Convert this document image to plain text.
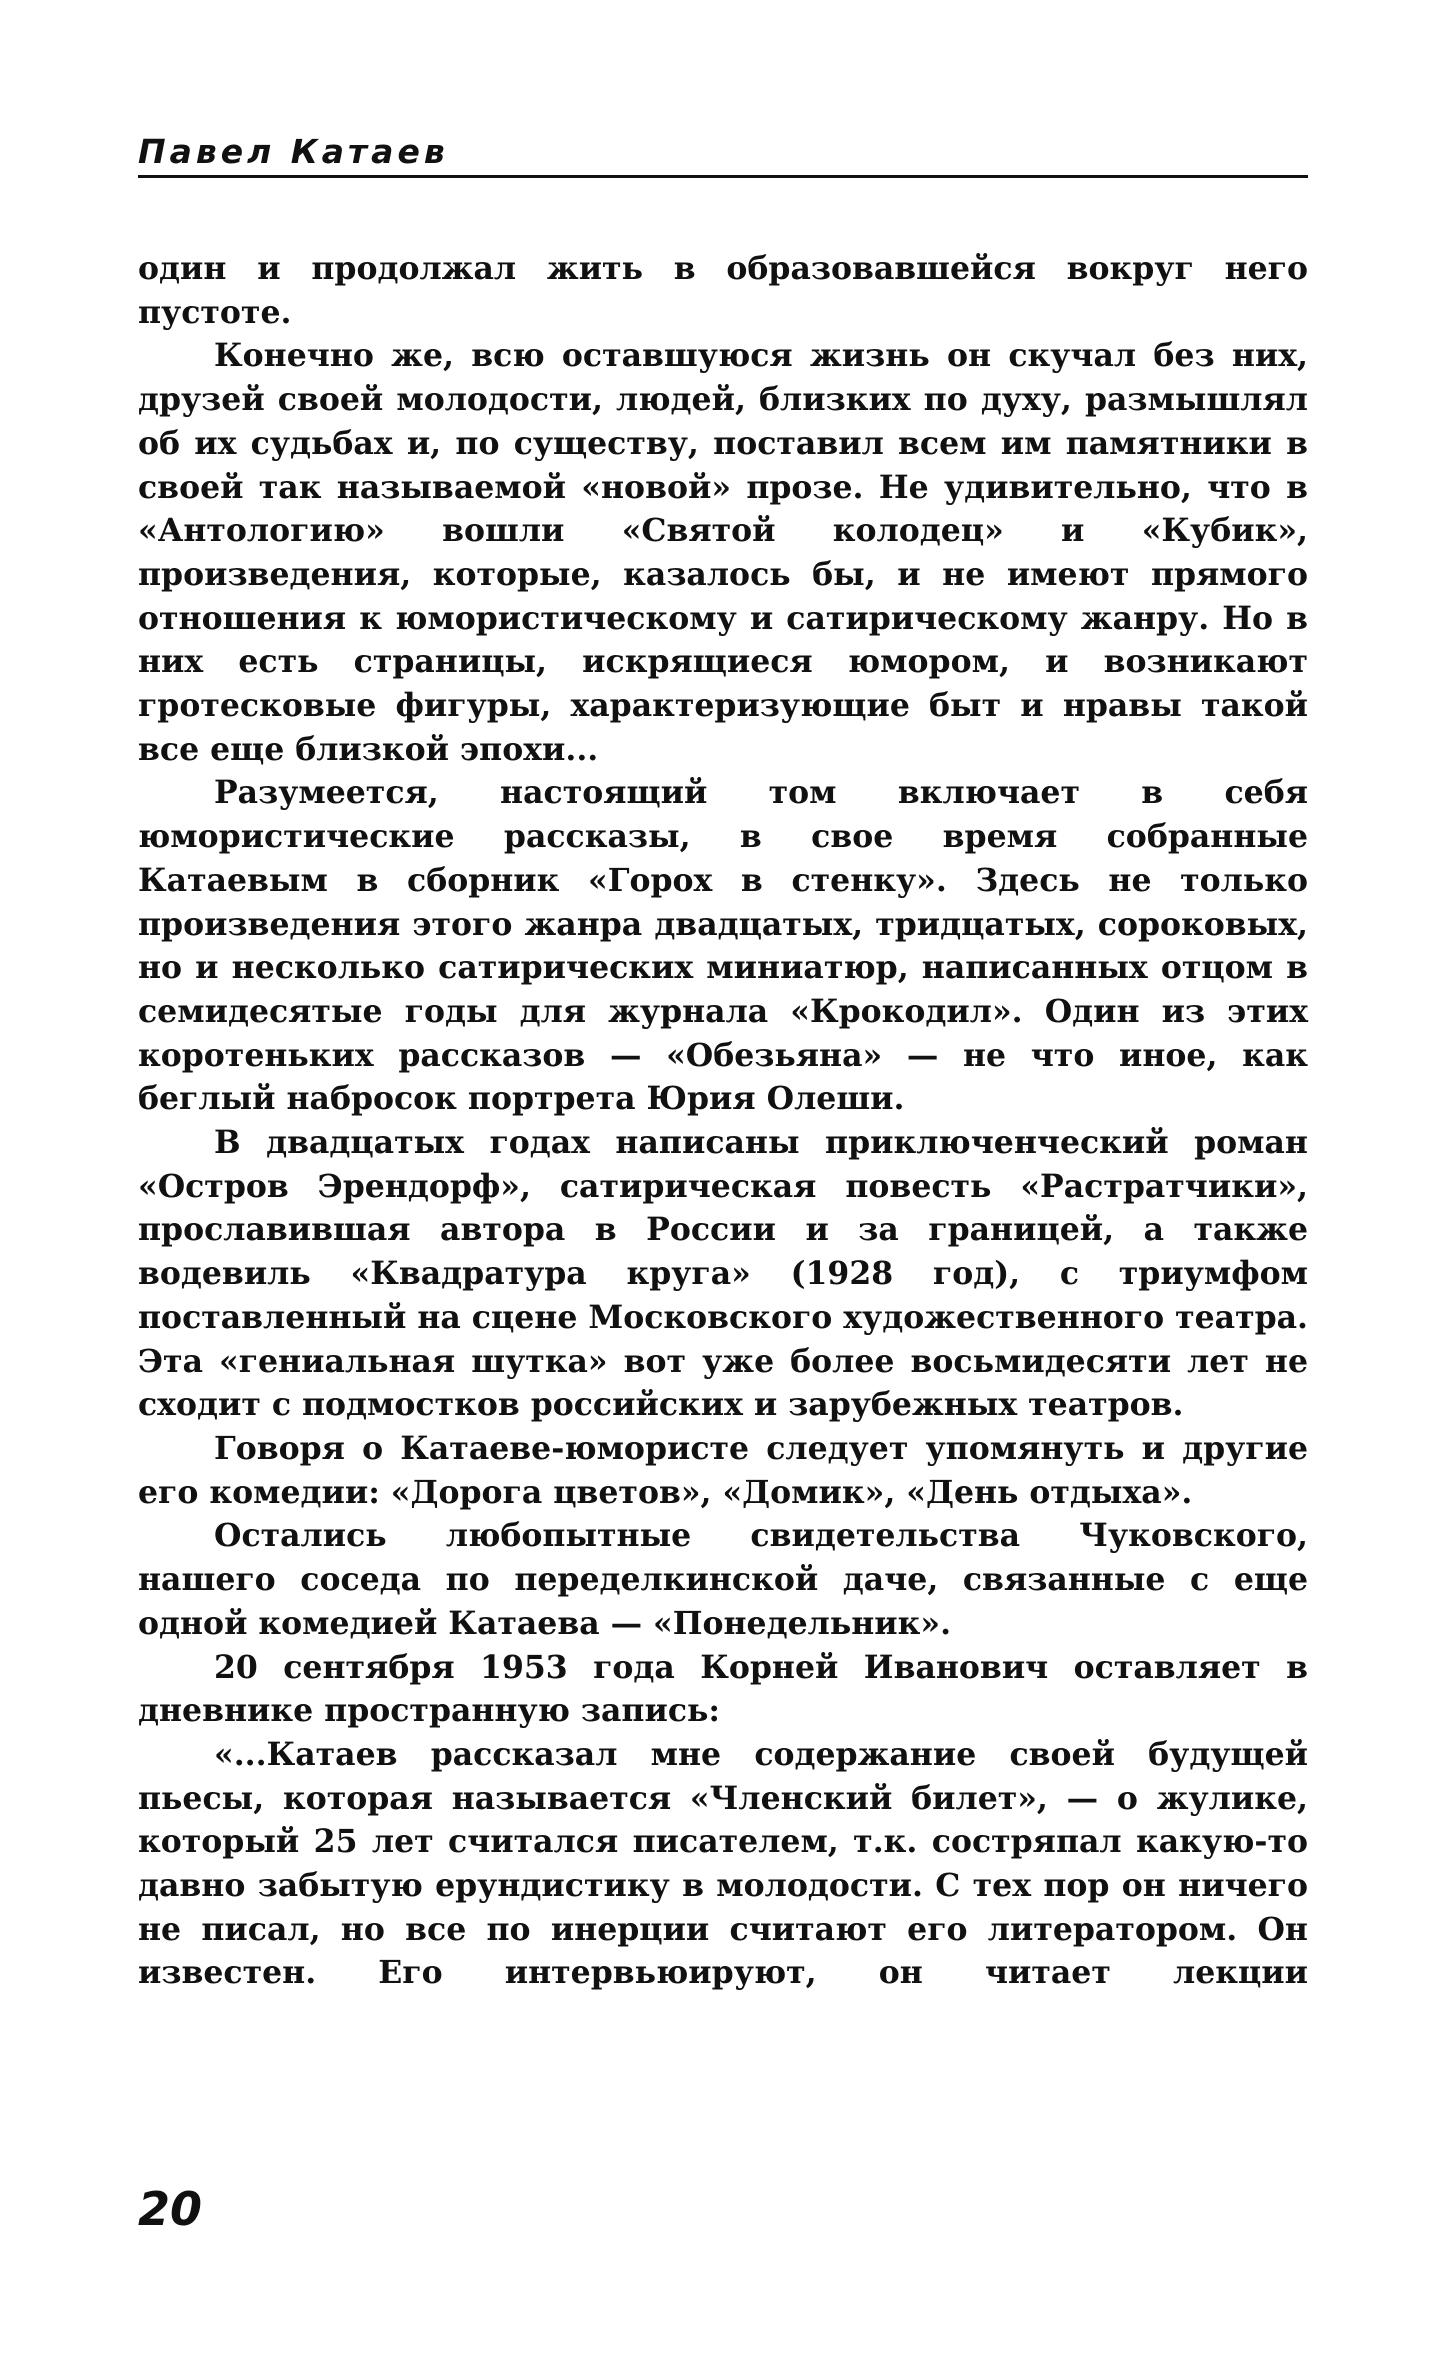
Павел Катаев

один и продолжал жить в образовавшейся вокруг него пустоте.

Конечно же, всю оставшуюся жизнь он скучал без них, друзей своей молодости, людей, близких по духу, размышлял об их судьбах и, по существу, поставил всем им памятники в своей так называемой «новой» прозе. Не удивительно, что в «Антологию» вошли «Святой колодец» и «Кубик», произведения, которые, казалось бы, и не имеют прямого отношения к юмористическому и сатирическому жанру. Но в них есть страницы, искрящиеся юмором, и возникают гротесковые фигуры, характеризующие быт и нравы такой все еще близкой эпохи...

Разумеется, настоящий том включает в себя юмористические рассказы, в свое время собранные Катаевым в сборник «Горох в стенку». Здесь не только произведения этого жанра двадцатых, тридцатых, сороковых, но и несколько сатирических миниатюр, написанных отцом в семидесятые годы для журнала «Крокодил». Один из этих коротеньких рассказов — «Обезьяна» — не что иное, как беглый набросок портрета Юрия Олеши.

В двадцатых годах написаны приключенческий роман «Остров Эрендорф», сатирическая повесть «Растратчики», прославившая автора в России и за границей, а также водевиль «Квадратура круга» (1928 год), с триумфом поставленный на сцене Московского художественного театра. Эта «гениальная шутка» вот уже более восьмидесяти лет не сходит с подмостков российских и зарубежных театров.

Говоря о Катаеве-юмористе следует упомянуть и другие его комедии: «Дорога цветов», «Домик», «День отдыха».

Остались любопытные свидетельства Чуковского, нашего соседа по переделкинской даче, связанные с еще одной комедией Катаева — «Понедельник».

20 сентября 1953 года Корней Иванович оставляет в дневнике пространную запись:

«...Катаев рассказал мне содержание своей будущей пьесы, которая называется «Членский билет», — о жулике, который 25 лет считался писателем, т.к. состряпал какую-то давно забытую ерундистику в молодости. С тех пор он ничего не писал, но все по инерции считают его литератором. Он известен. Его интервьюируют, он читает лекции

20
